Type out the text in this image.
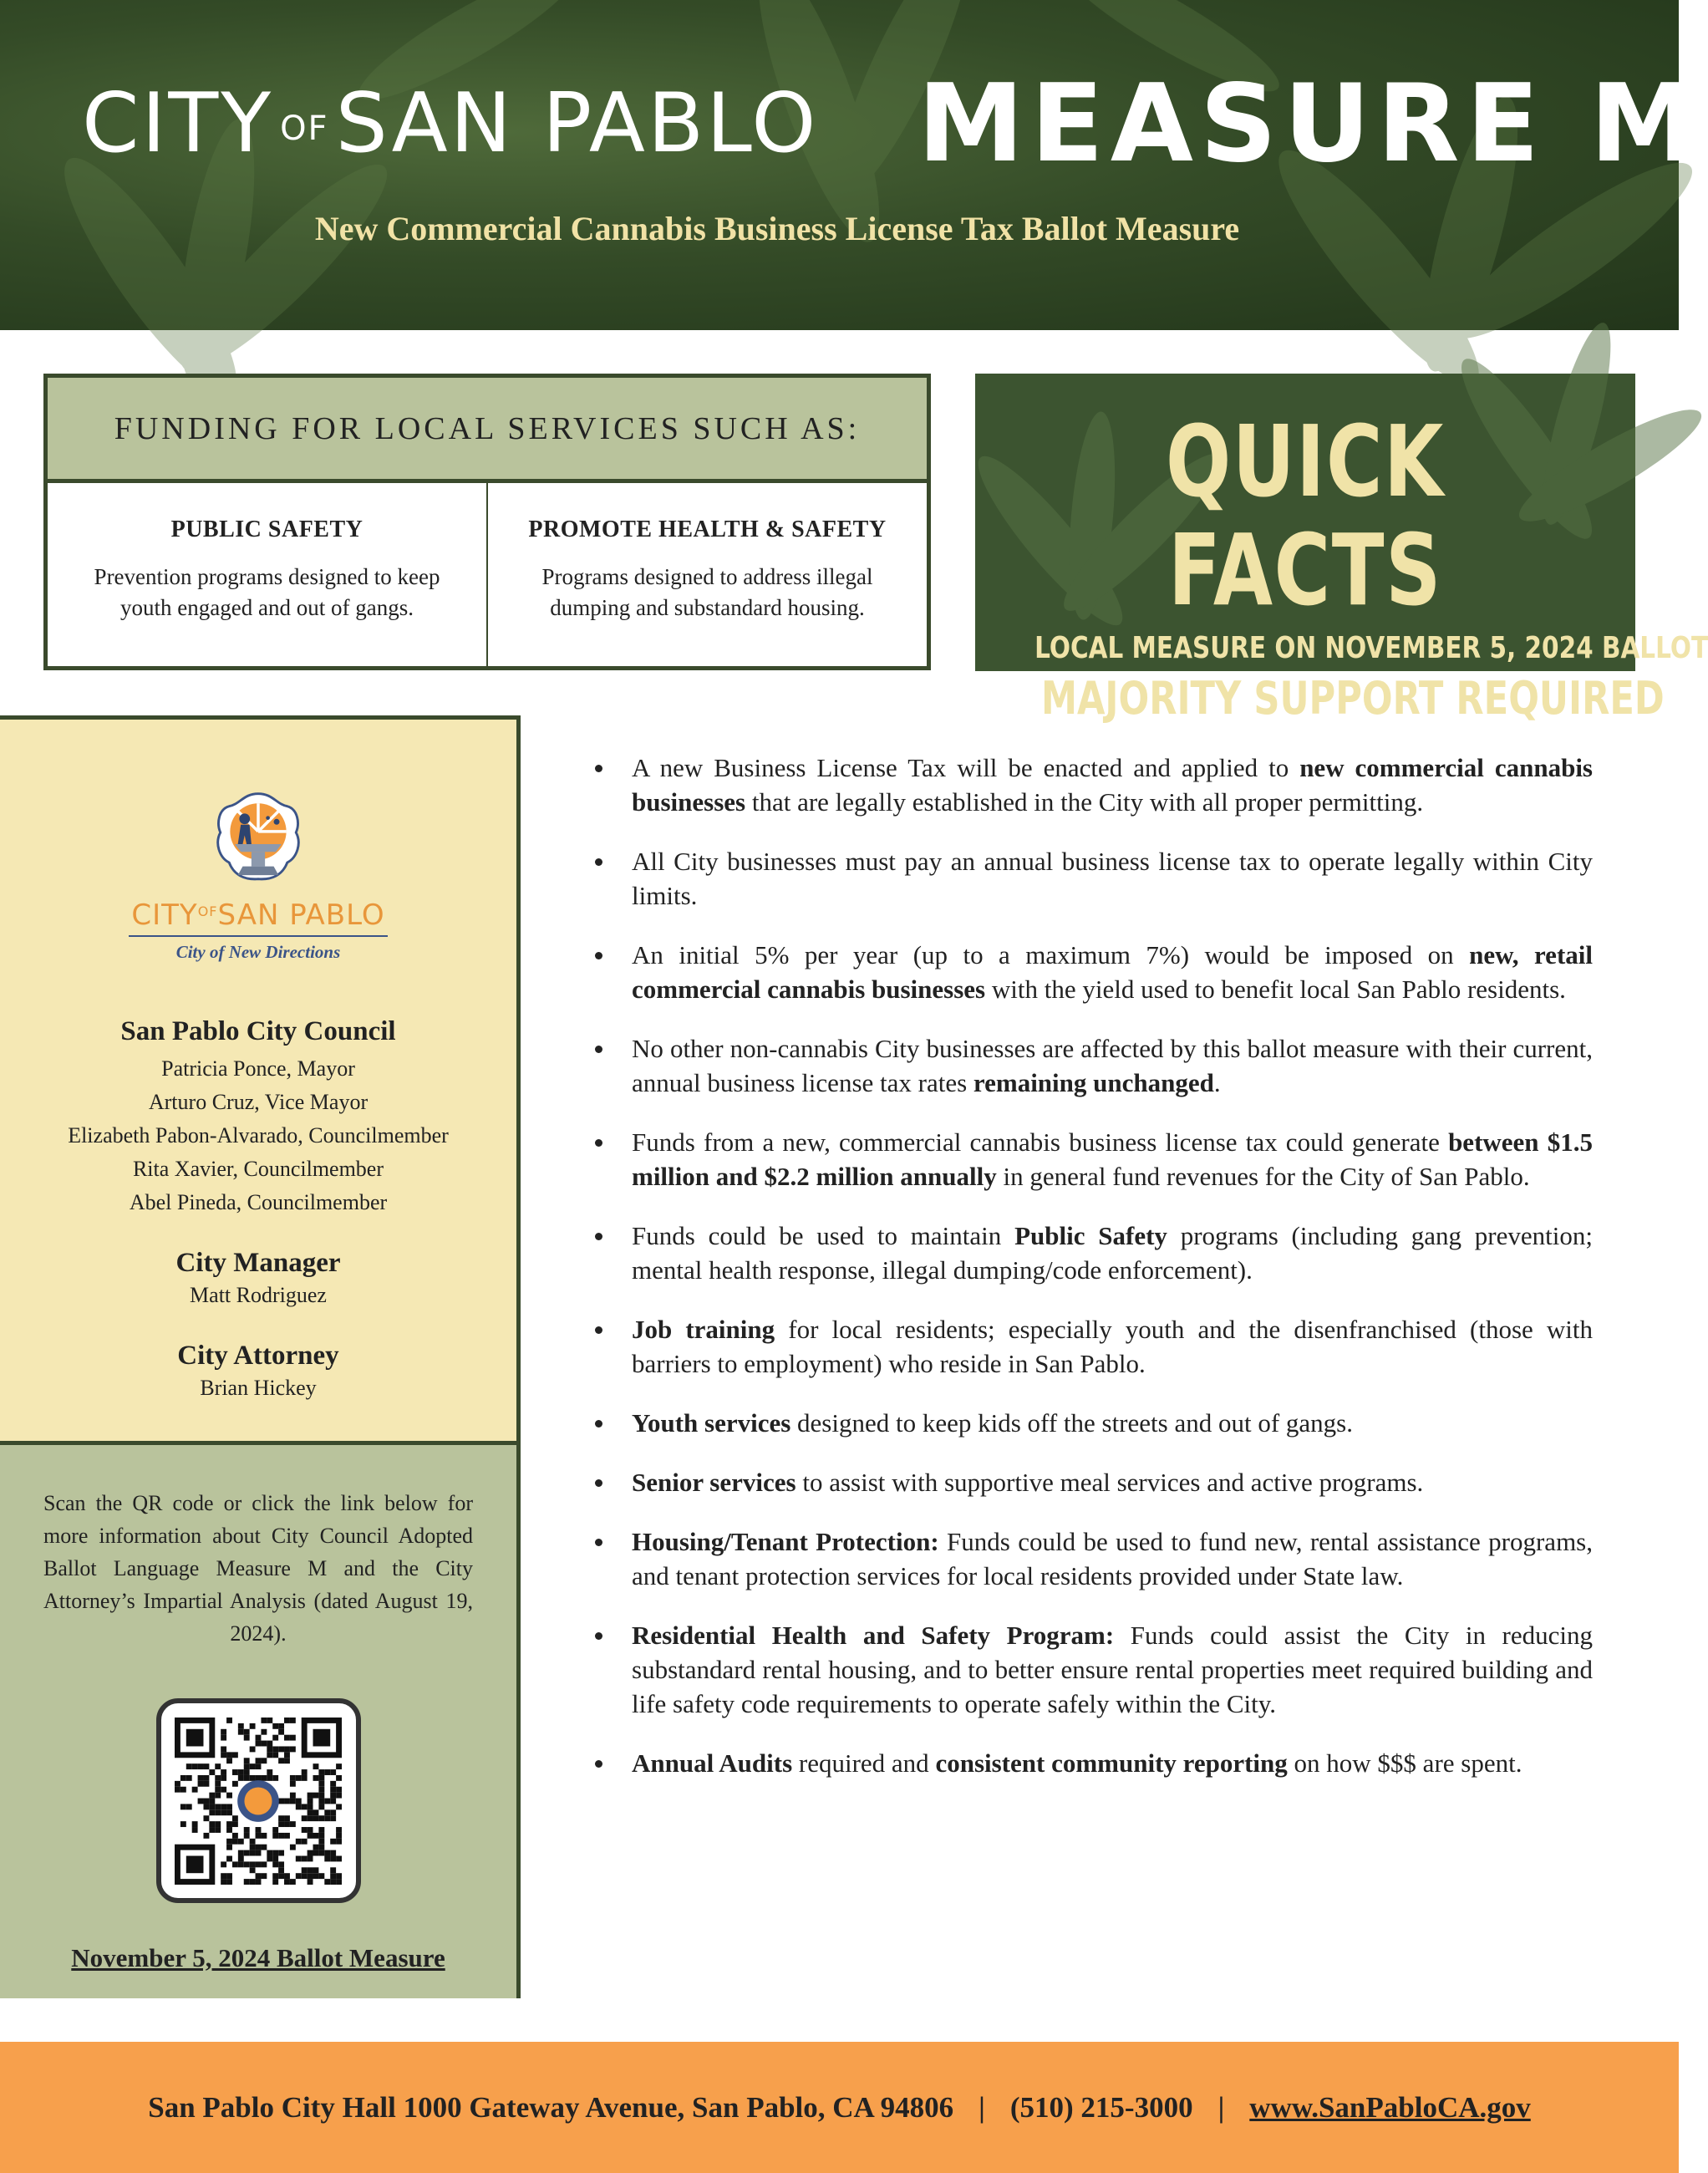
CITY OFSAN PABLO MEASURE M
New Commercial Cannabis Business License Tax Ballot Measure
FUNDING FOR LOCAL SERVICES SUCH AS:
PUBLIC SAFETY

Prevention programs designed to keep youth engaged and out of gangs.

PROMOTE HEALTH & SAFETY

Programs designed to address illegal dumping and substandard housing.

QUICK FACTS
LOCAL MEASURE ON NOVEMBER 5, 2024 BALLOT
MAJORITY SUPPORT REQUIRED
$CITY^{OF}SAN$ PABLO
City of New Directions
San Pablo City Council
Patricia Ponce, Mayor
Arturo Cruz, Vice Mayor
Elizabeth Pabon-Alvarado, Councilmember
Rita Xavier, Councilmember
Abel Pineda, Councilmember
City Manager
Matt Rodriguez
City Attorney
Brian Hickey
Scan the QR code or click the link below for more information about City Council Adopted Ballot Language Measure M and the City Attorney’s Impartial Analysis (dated August 19, 2024).
November 5, 2024 Ballot Measure
A new Business License Tax will be enacted and applied to new commercial cannabis businesses that are legally established in the City with all proper permitting.
All City businesses must pay an annual business license tax to operate legally within City limits.
An initial 5% per year (up to a maximum 7%) would be imposed on new, retail commercial cannabis businesses with the yield used to benefit local San Pablo residents.
No other non-cannabis City businesses are affected by this ballot measure with their current, annual business license tax rates remaining unchanged.
Funds from a new, commercial cannabis business license tax could generate between $1.5 million and $2.2 million annually in general fund revenues for the City of San Pablo.
Funds could be used to maintain Public Safety programs (including gang prevention; mental health response, illegal dumping/code enforcement).
Job training for local residents; especially youth and the disenfranchised (those with barriers to employment) who reside in San Pablo.
Youth services designed to keep kids off the streets and out of gangs.
Senior services to assist with supportive meal services and active programs.
Housing/Tenant Protection: Funds could be used to fund new, rental assistance programs, and tenant protection services for local residents provided under State law.
Residential Health and Safety Program: Funds could assist the City in reducing substandard rental housing, and to better ensure rental properties meet required building and life safety code requirements to operate safely within the City.
Annual Audits required and consistent community reporting on how $$$ are spent.
San Pablo City Hall 1000 Gateway Avenue, San Pablo, CA 94806 | (510) 215-3000 | www.SanPabloCA.gov
